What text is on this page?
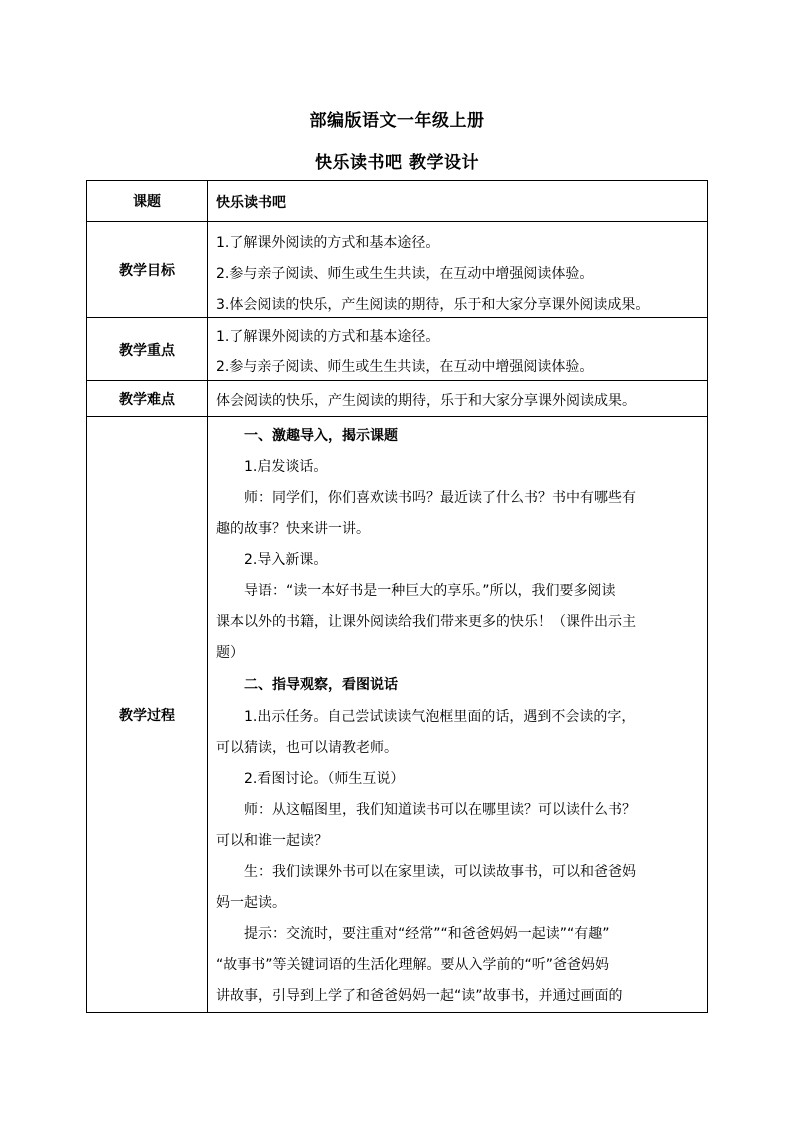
部编版语文一年级上册
快乐读书吧 教学设计
课题	快乐读书吧
教学目标
1.了解课外阅读的方式和基本途径。
2.参与亲子阅读、师生或生生共读，在互动中增强阅读体验。
3.体会阅读的快乐，产生阅读的期待，乐于和大家分享课外阅读成果。
教学重点
1.了解课外阅读的方式和基本途径。
2.参与亲子阅读、师生或生生共读，在互动中增强阅读体验。
教学难点	体会阅读的快乐，产生阅读的期待，乐于和大家分享课外阅读成果。
教学过程
　　一、激趣导入，揭示课题
　　1.启发谈话。
　　师：同学们，你们喜欢读书吗？最近读了什么书？书中有哪些有
趣的故事？快来讲一讲。
　　2.导入新课。
　　导语：“读一本好书是一种巨大的享乐。”所以，我们要多阅读
课本以外的书籍，让课外阅读给我们带来更多的快乐！（课件出示主
题）
　　二、指导观察，看图说话
　　1.出示任务。自己尝试读读气泡框里面的话，遇到不会读的字，
可以猜读，也可以请教老师。
　　2.看图讨论。（师生互说）
　　师：从这幅图里，我们知道读书可以在哪里读？可以读什么书？
可以和谁一起读？
　　生：我们读课外书可以在家里读，可以读故事书，可以和爸爸妈
妈一起读。
　　提示：交流时，要注重对“经常”“和爸爸妈妈一起读”“有趣”
“故事书”等关键词语的生活化理解。要从入学前的“听”爸爸妈妈
讲故事，引导到上学了和爸爸妈妈一起“读”故事书，并通过画面的
